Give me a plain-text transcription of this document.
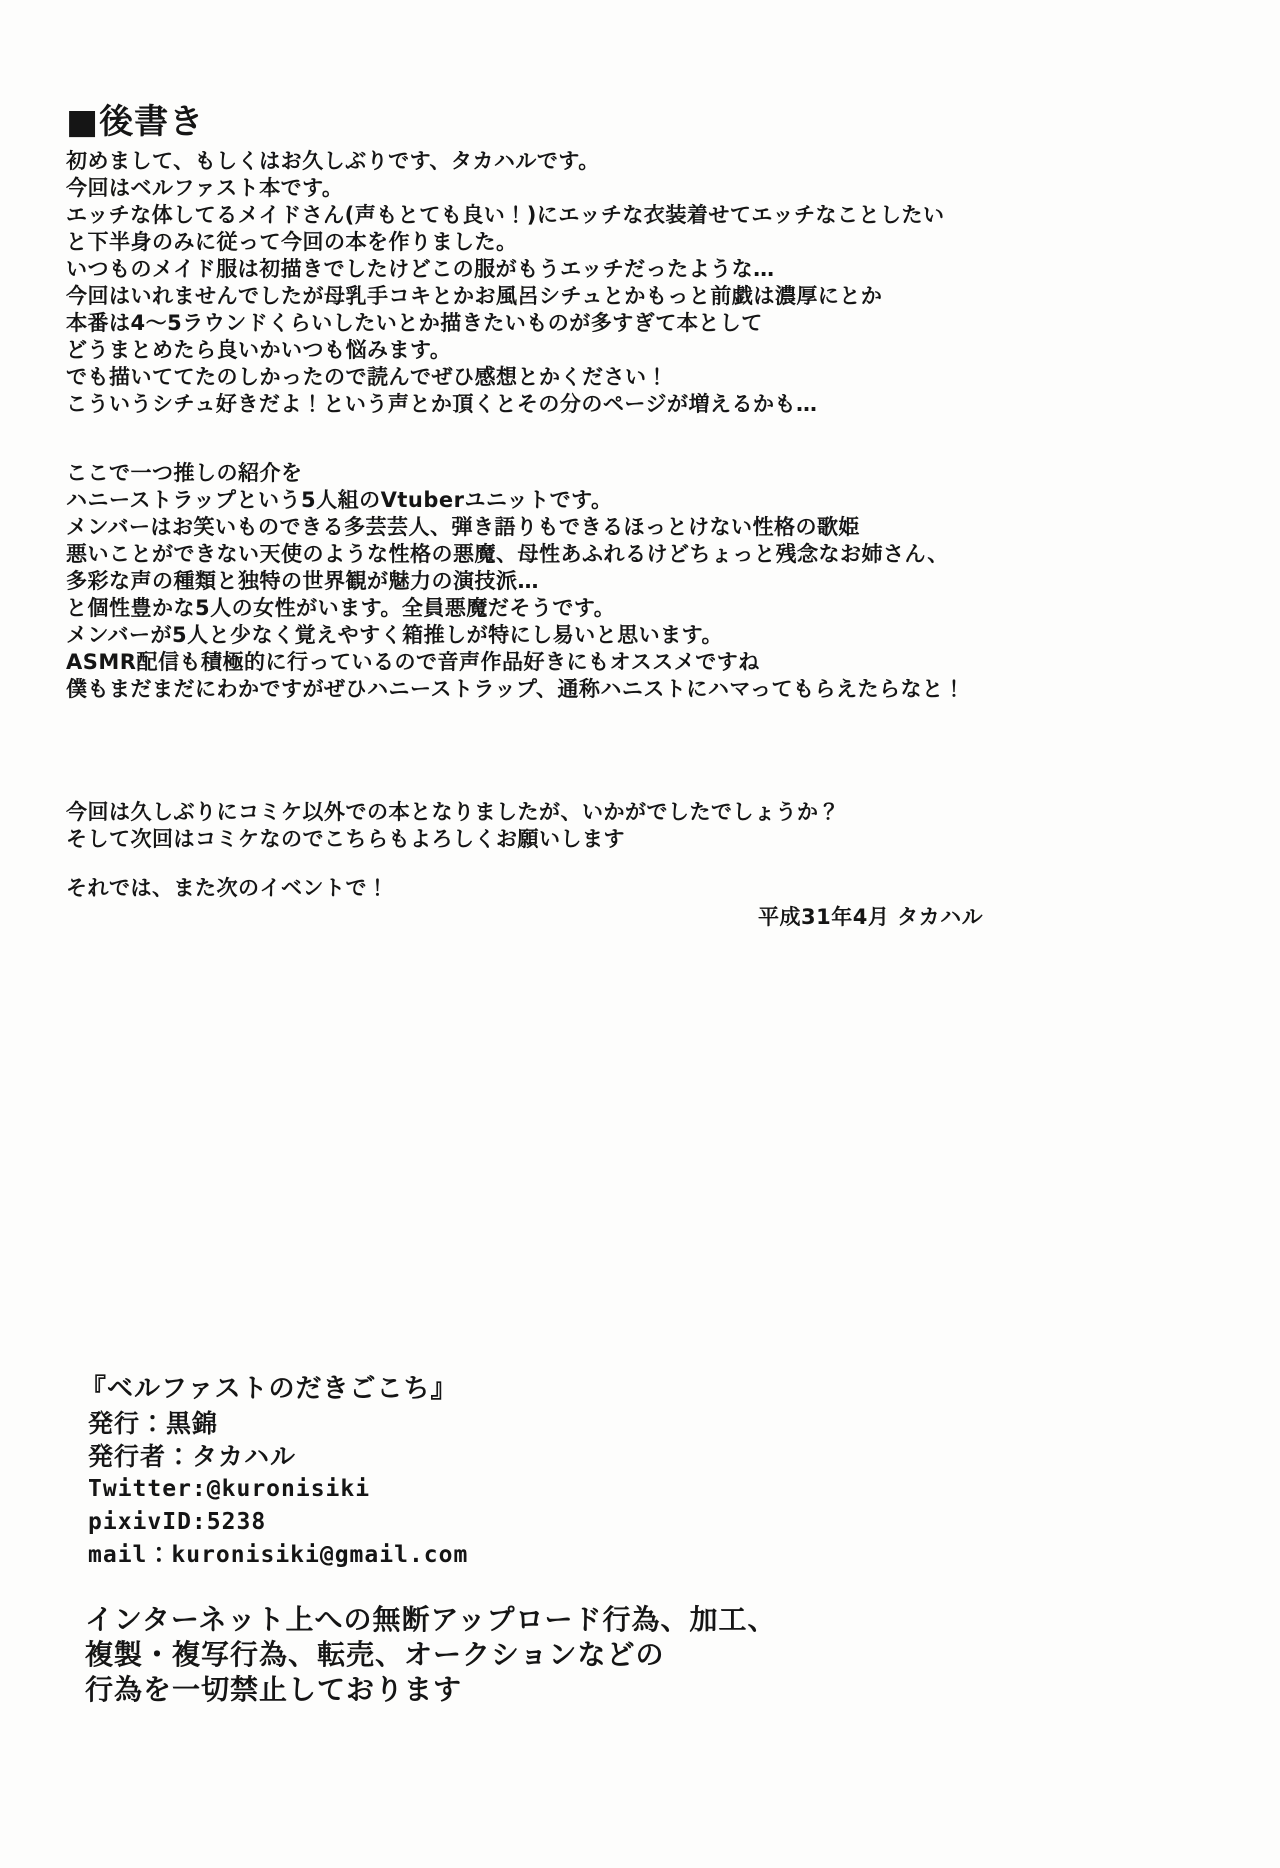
■後書き
初めまして、もしくはお久しぶりです、タカハルです。
今回はベルファスト本です。
エッチな体してるメイドさん(声もとても良い！)にエッチな衣装着せてエッチなことしたい
と下半身のみに従って今回の本を作りました。
いつものメイド服は初描きでしたけどこの服がもうエッチだったような…
今回はいれませんでしたが母乳手コキとかお風呂シチュとかもっと前戯は濃厚にとか
本番は4～5ラウンドくらいしたいとか描きたいものが多すぎて本として
どうまとめたら良いかいつも悩みます。
でも描いててたのしかったので読んでぜひ感想とかください！
こういうシチュ好きだよ！という声とか頂くとその分のページが増えるかも…
ここで一つ推しの紹介を
ハニーストラップという5人組のVtuberユニットです。
メンバーはお笑いものできる多芸芸人、弾き語りもできるほっとけない性格の歌姫
悪いことができない天使のような性格の悪魔、母性あふれるけどちょっと残念なお姉さん、
多彩な声の種類と独特の世界観が魅力の演技派…
と個性豊かな5人の女性がいます。全員悪魔だそうです。
メンバーが5人と少なく覚えやすく箱推しが特にし易いと思います。
ASMR配信も積極的に行っているので音声作品好きにもオススメですね
僕もまだまだにわかですがぜひハニーストラップ、通称ハニストにハマってもらえたらなと！
今回は久しぶりにコミケ以外での本となりましたが、いかがでしたでしょうか？
そして次回はコミケなのでこちらもよろしくお願いします
それでは、また次のイベントで！
平成31年4月 タカハル
『ベルファストのだきごこち』
発行：黒錦
発行者：タカハル
Twitter:@kuronisiki
pixivID:5238
mail：kuronisiki@gmail.com
インターネット上への無断アップロード行為、加工、
複製・複写行為、転売、オークションなどの
行為を一切禁止しております
